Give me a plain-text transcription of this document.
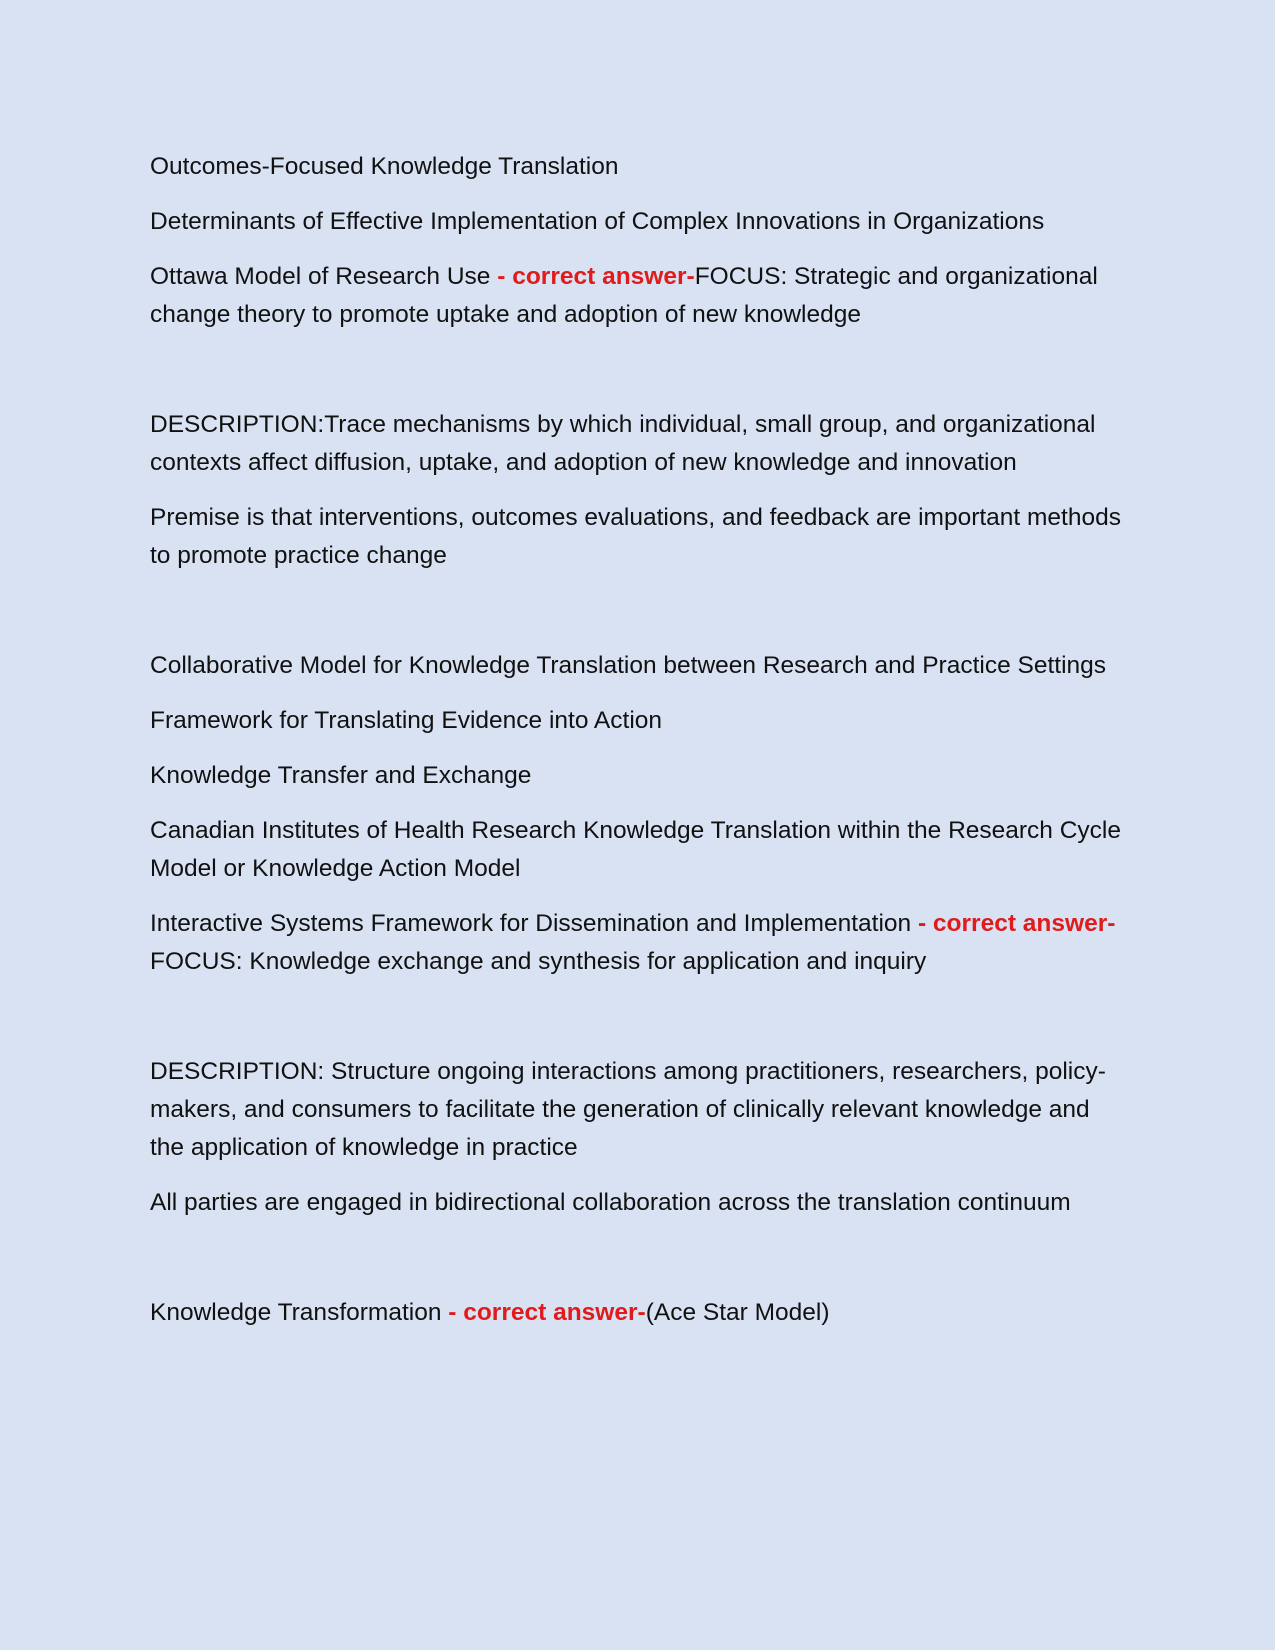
Outcomes-Focused Knowledge Translation

Determinants of Effective Implementation of Complex Innovations in Organizations

Ottawa Model of Research Use - correct answer-FOCUS: Strategic and organizational change theory to promote uptake and adoption of new knowledge

DESCRIPTION:Trace mechanisms by which individual, small group, and organizational contexts affect diffusion, uptake, and adoption of new knowledge and innovation

Premise is that interventions, outcomes evaluations, and feedback are important methods to promote practice change

Collaborative Model for Knowledge Translation between Research and Practice Settings

Framework for Translating Evidence into Action

Knowledge Transfer and Exchange

Canadian Institutes of Health Research Knowledge Translation within the Research Cycle Model or Knowledge Action Model

Interactive Systems Framework for Dissemination and Implementation - correct answer-FOCUS: Knowledge exchange and synthesis for application and inquiry

DESCRIPTION: Structure ongoing interactions among practitioners, researchers, policy-makers, and consumers to facilitate the generation of clinically relevant knowledge and the application of knowledge in practice

All parties are engaged in bidirectional collaboration across the translation continuum

Knowledge Transformation - correct answer-(Ace Star Model)
